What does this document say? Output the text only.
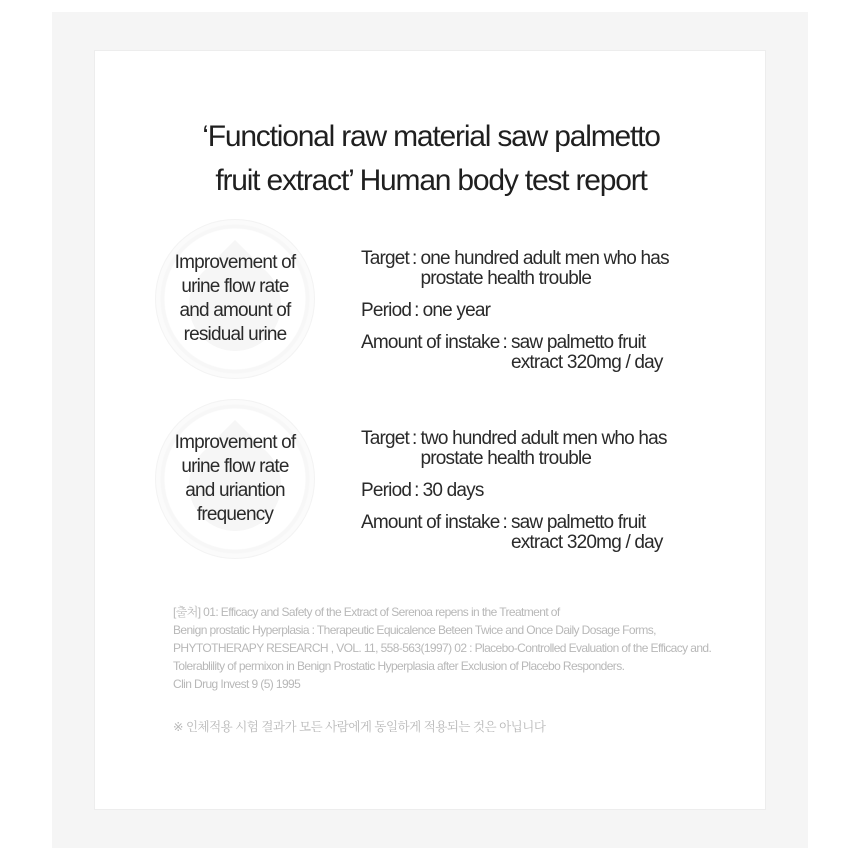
‘Functional raw material saw palmetto
fruit extract’ Human body test report
Improvement of
urine flow rate
and amount of
residual urine
Target : one hundred adult men who has
prostate health trouble
Period : one year
Amount of instake : saw palmetto fruit
extract 320mg / day
Improvement of
urine flow rate
and uriantion
frequency
Target : two hundred adult men who has
prostate health trouble
Period : 30 days
Amount of instake : saw palmetto fruit
extract 320mg / day
[출처] 01: Efficacy and Safety of the Extract of Serenoa repens in the Treatment of
Benign prostatic Hyperplasia : Therapeutic Equicalence Beteen Twice and Once Daily Dosage Forms,
PHYTOTHERAPY RESEARCH , VOL. 11, 558-563(1997) 02 : Placebo-Controlled Evaluation of the Efficacy and.
Tolerablility of permixon in Benign Prostatic Hyperplasia after Exclusion of Placebo Responders.
Clin Drug Invest 9 (5) 1995
※ 인체적용 시험 결과가 모든 사람에게 동일하게 적용되는 것은 아닙니다
